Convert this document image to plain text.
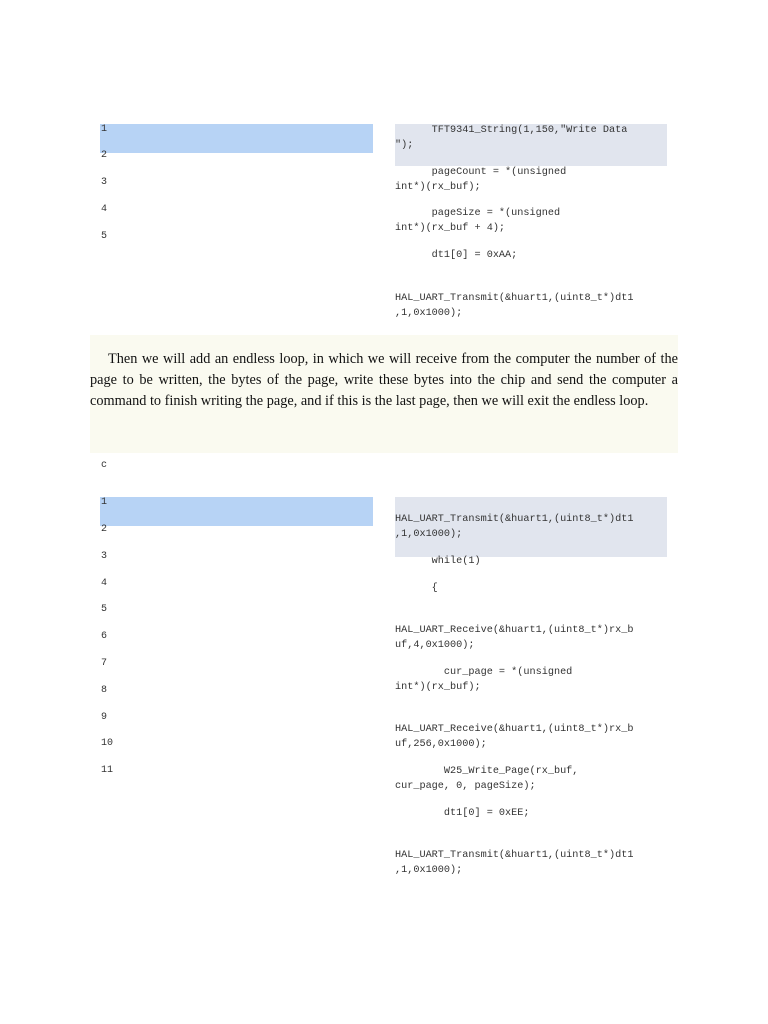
1
2
3
4
5
TFT9341_String(1,150,"Write Data
");
pageCount = *(unsigned
int*)(rx_buf);
pageSize = *(unsigned
int*)(rx_buf + 4);
dt1[0] = 0xAA;
HAL_UART_Transmit(&huart1,(uint8_t*)dt1
,1,0x1000);

Then we will add an endless loop, in which we will receive from the computer the number of the page to be written, the bytes of the page, write these bytes into the chip and send the computer a command to finish writing the page, and if this is the last page, then we will exit the endless loop.

c
1
2
3
4
5
6
7
8
9
10
11
HAL_UART_Transmit(&huart1,(uint8_t*)dt1
,1,0x1000);
while(1)
{
HAL_UART_Receive(&huart1,(uint8_t*)rx_b
uf,4,0x1000);
cur_page = *(unsigned
int*)(rx_buf);
HAL_UART_Receive(&huart1,(uint8_t*)rx_b
uf,256,0x1000);
W25_Write_Page(rx_buf,
cur_page, 0, pageSize);
dt1[0] = 0xEE;
HAL_UART_Transmit(&huart1,(uint8_t*)dt1
,1,0x1000);
